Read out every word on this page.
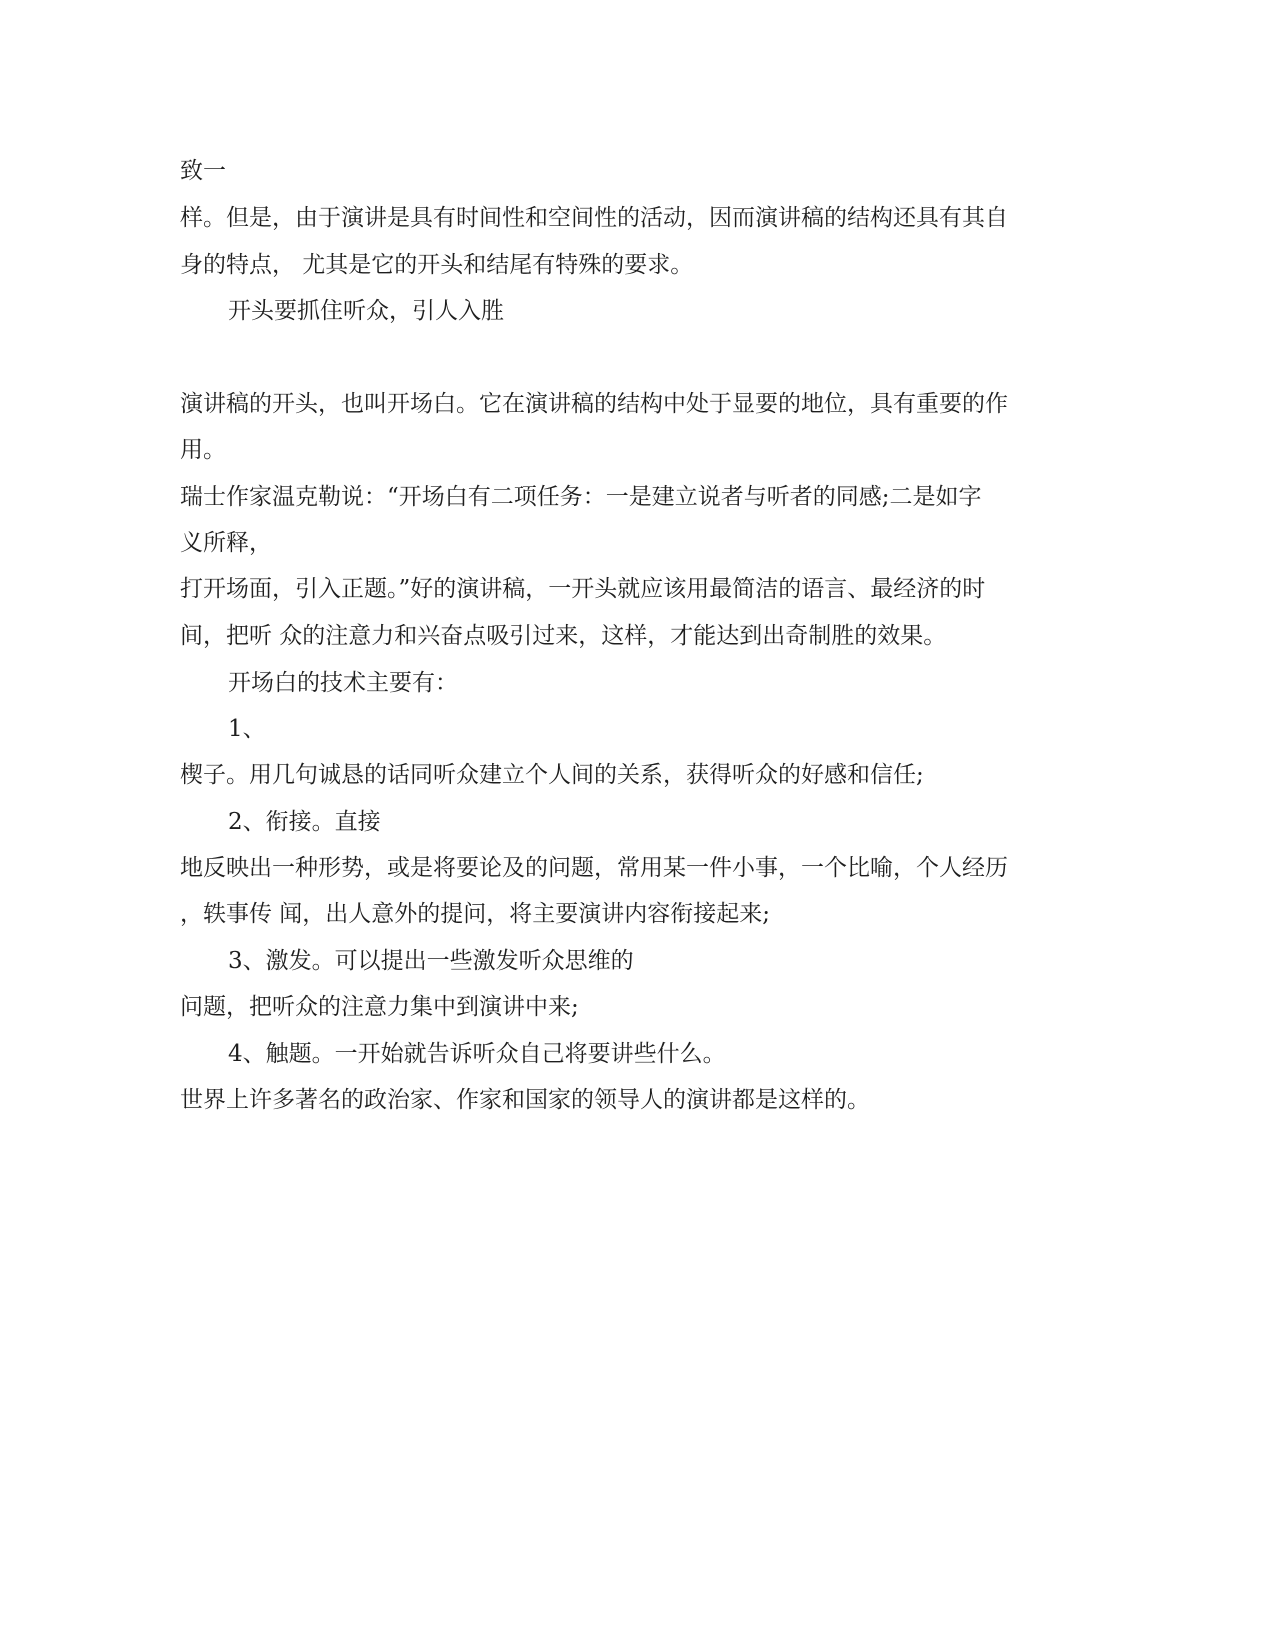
致一

样。但是，由于演讲是具有时间性和空间性的活动，因而演讲稿的结构还具有其自

身的特点， 尤其是它的开头和结尾有特殊的要求。

开头要抓住听众，引人入胜

演讲稿的开头，也叫开场白。它在演讲稿的结构中处于显要的地位，具有重要的作

用。

瑞士作家温克勒说：“开场白有二项任务：一是建立说者与听者的同感;二是如字

义所释，

打开场面，引入正题。”好的演讲稿，一开头就应该用最简洁的语言、最经济的时

间，把听 众的注意力和兴奋点吸引过来，这样，才能达到出奇制胜的效果。

开场白的技术主要有：

1、

楔子。用几句诚恳的话同听众建立个人间的关系，获得听众的好感和信任;

2、衔接。直接

地反映出一种形势，或是将要论及的问题，常用某一件小事，一个比喻，个人经历

，轶事传 闻，出人意外的提问，将主要演讲内容衔接起来;

3、激发。可以提出一些激发听众思维的

问题，把听众的注意力集中到演讲中来;

4、触题。一开始就告诉听众自己将要讲些什么。

世界上许多著名的政治家、作家和国家的领导人的演讲都是这样的。
